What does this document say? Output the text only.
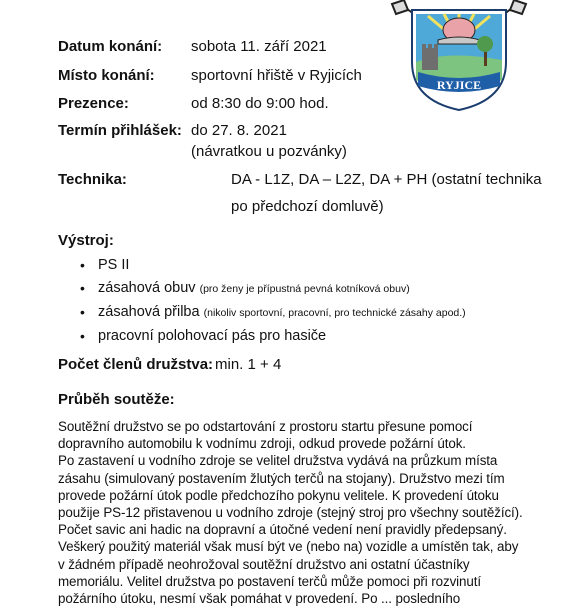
RYJICE
Datum konání: sobota 11. září 2021
Místo konání: sportovní hřiště v Ryjicích
Prezence:	od 8:30 do 9:00 hod.
Termín přihlášek: do 27. 8. 2021
(návratkou u pozvánky)
Technika:	DA - L1Z, DA – L2Z, DA + PH (ostatní technika
po předchozí domluvě)
Výstroj:
• PS II
• zásahová obuv (pro ženy je přípustná pevná kotníková obuv)
• zásahová přilba (nikoliv sportovní, pracovní, pro technické zásahy apod.)
• pracovní polohovací pás pro hasiče
Počet členů družstva: min. 1 + 4
Průběh soutěže:
Soutěžní družstvo se po odstartování z prostoru startu přesune pomocí
dopravního automobilu k vodnímu zdroji, odkud provede požární útok.
Po zastavení u vodního zdroje se velitel družstva vydává na průzkum místa
zásahu (simulovaný postavením žlutých terčů na stojany). Družstvo mezi tím
provede požární útok podle předchozího pokynu velitele. K provedení útoku
použije PS-12 přistavenou u vodního zdroje (stejný stroj pro všechny soutěžící).
Počet savic ani hadic na dopravní a útočné vedení není pravidly předepsaný.
Veškerý použitý materiál však musí být ve (nebo na) vozidle a umístěn tak, aby
v žádném případě neohrožoval soutěžní družstvo ani ostatní účastníky
memoriálu. Velitel družstva po postavení terčů může pomoci při rozvinutí
požárního útoku, nesmí však pomáhat v provedení. Po ... posledního
